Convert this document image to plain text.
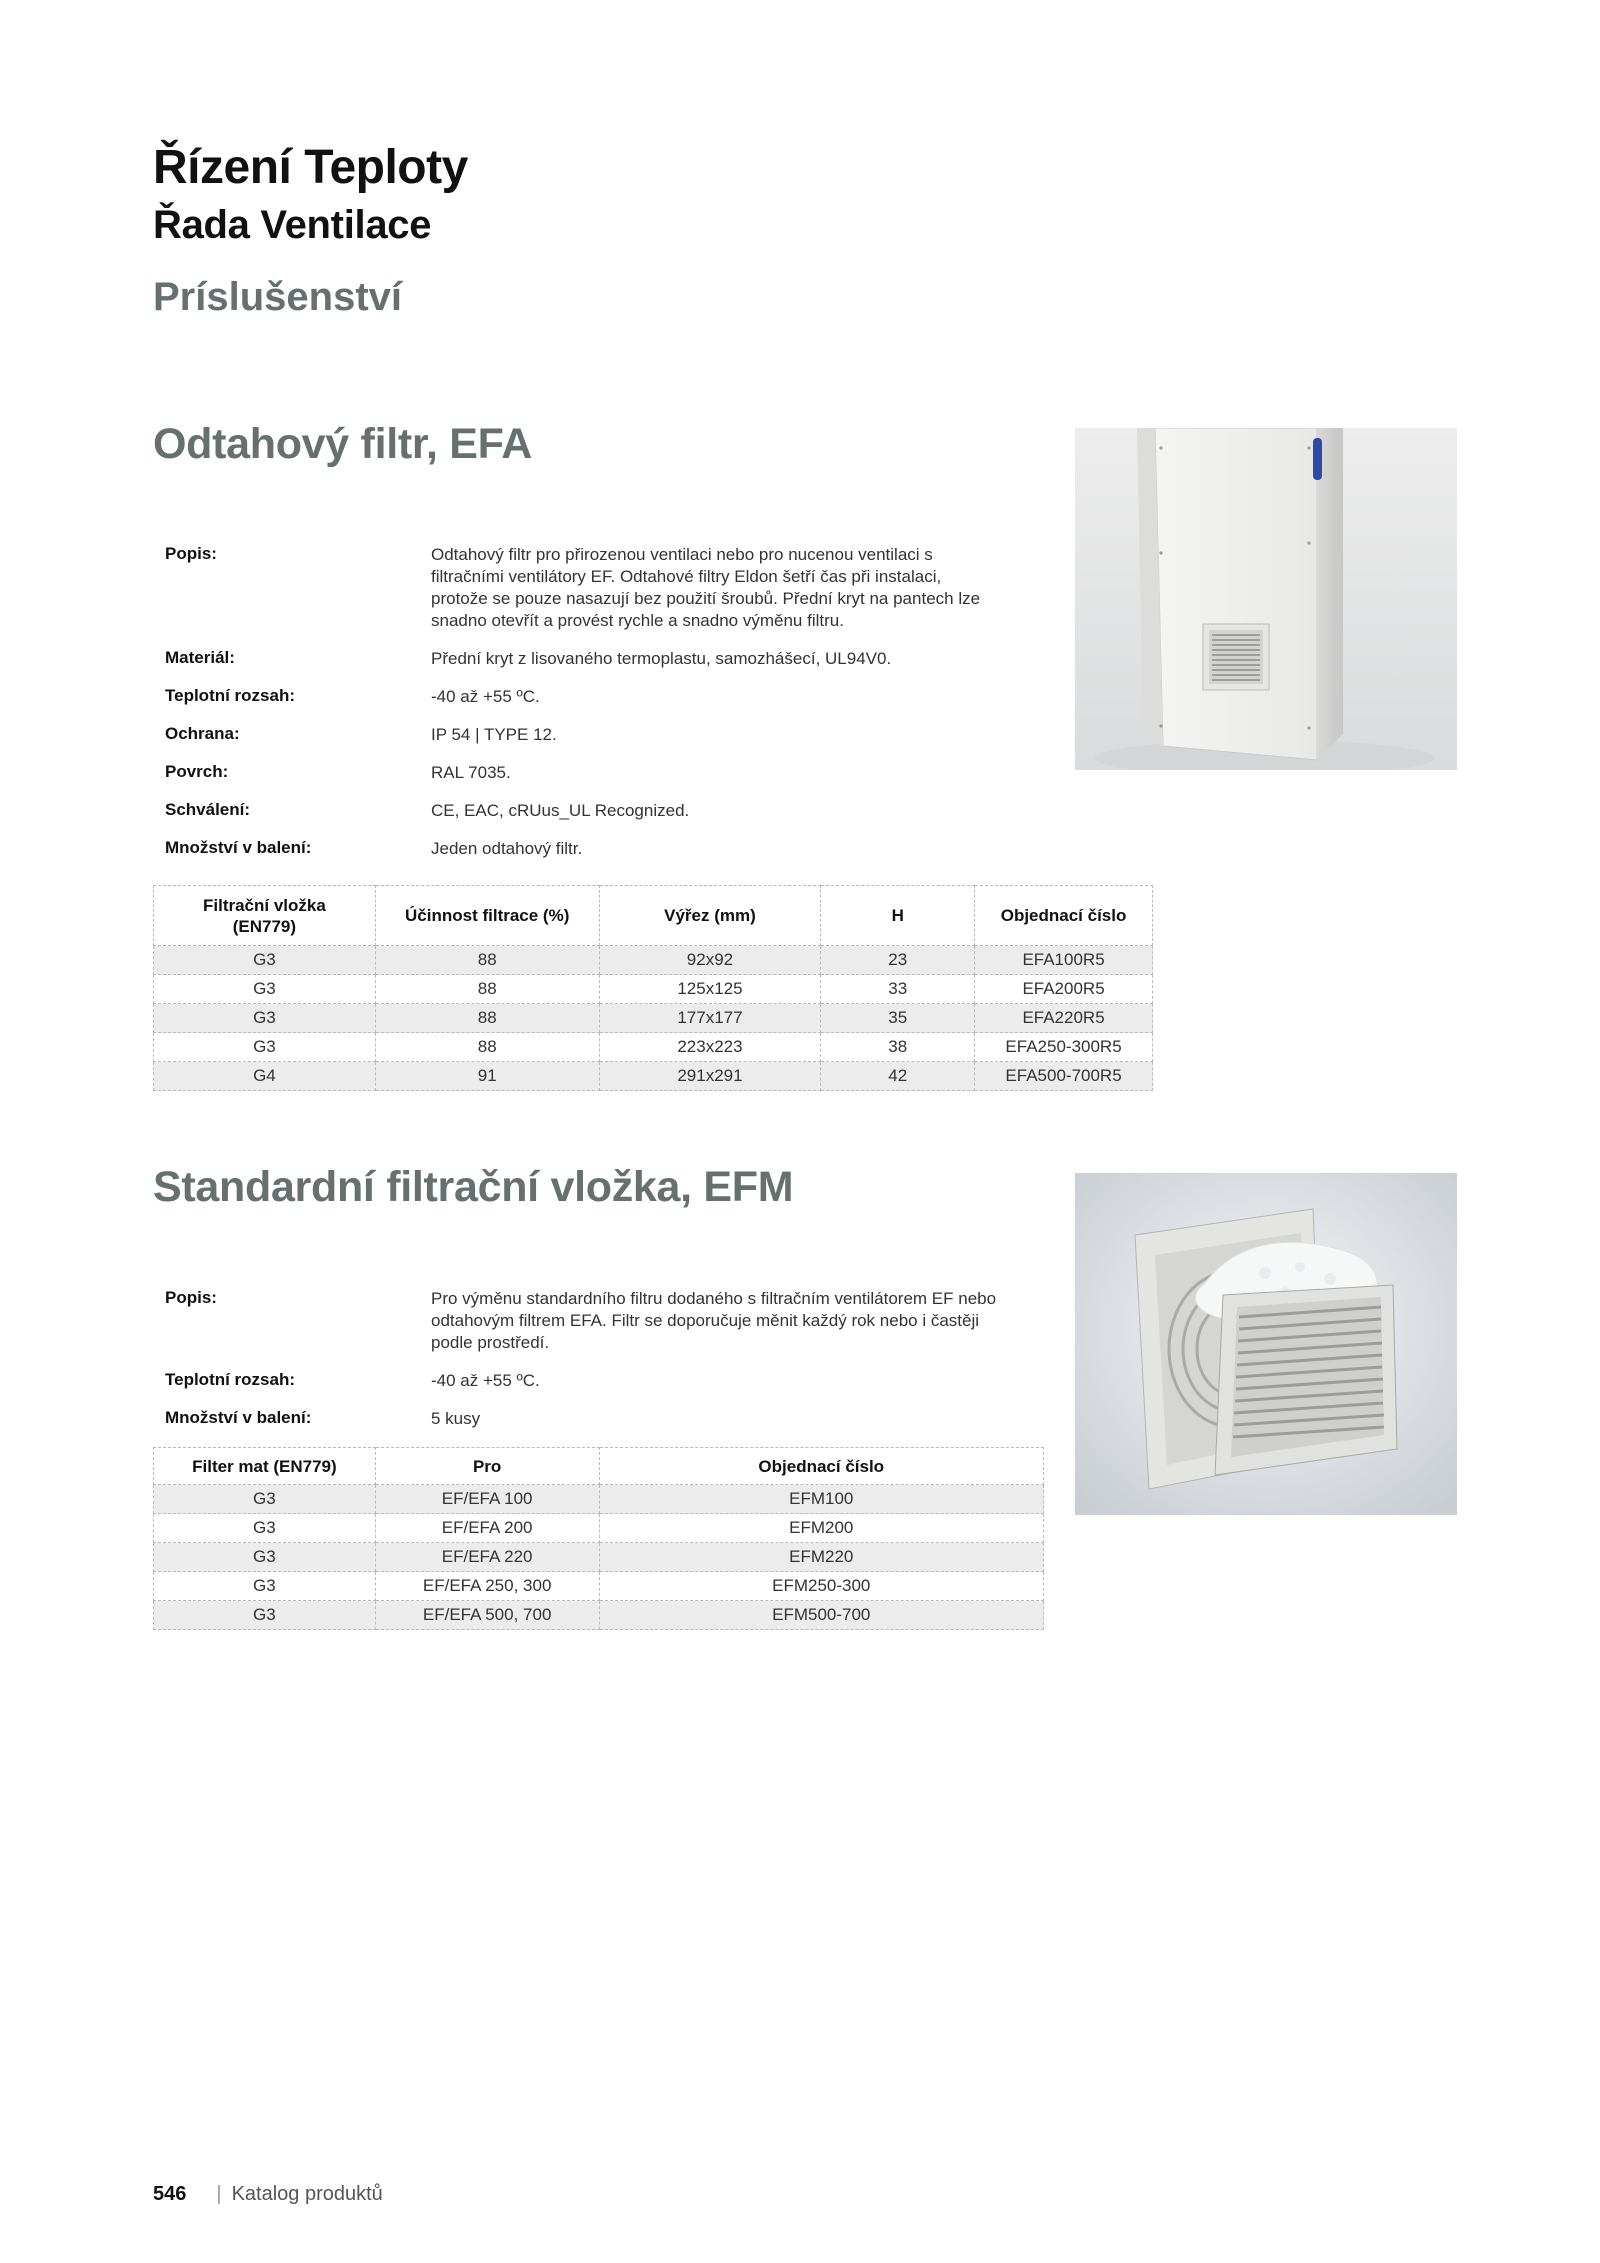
Řízení Teploty
Řada Ventilace
Príslušenství
Odtahový filtr, EFA
Popis:	Odtahový filtr pro přirozenou ventilaci nebo pro nucenou ventilaci s filtračními ventilátory EF. Odtahové filtry Eldon šetří čas při instalaci, protože se pouze nasazují bez použití šroubů. Přední kryt na pantech lze snadno otevřít a provést rychle a snadno výměnu filtru.
Materiál:	Přední kryt z lisovaného termoplastu, samozhášecí, UL94V0.
Teplotní rozsah:	-40 až +55 ºC.
Ochrana:	IP 54 | TYPE 12.
Povrch:	RAL 7035.
Schválení:	CE, EAC, cRUus_UL Recognized.
Množství v balení:	Jeden odtahový filtr.
Filtrační vložka (EN779)	Účinnost filtrace (%)	Výřez (mm)	H	Objednací číslo
G3	88	92x92	23	EFA100R5
G3	88	125x125	33	EFA200R5
G3	88	177x177	35	EFA220R5
G3	88	223x223	38	EFA250-300R5
G4	91	291x291	42	EFA500-700R5
Standardní filtrační vložka, EFM
Popis:	Pro výměnu standardního filtru dodaného s filtračním ventilátorem EF nebo odtahovým filtrem EFA. Filtr se doporučuje měnit každý rok nebo i častěji podle prostředí.
Teplotní rozsah:	-40 až +55 ºC.
Množství v balení:	5 kusy
Filter mat (EN779)	Pro	Objednací číslo
G3	EF/EFA 100	EFM100
G3	EF/EFA 200	EFM200
G3	EF/EFA 220	EFM220
G3	EF/EFA 250, 300	EFM250-300
G3	EF/EFA 500, 700	EFM500-700
546 | Katalog produktů
